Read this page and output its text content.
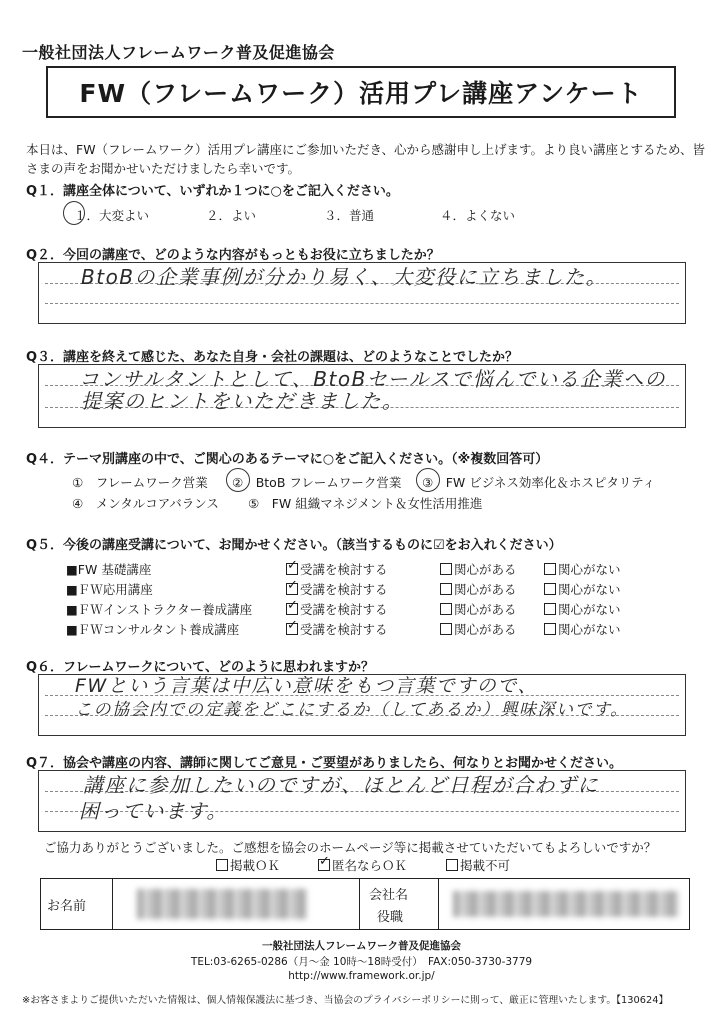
一般社団法人フレームワーク普及促進協会
FW（フレームワーク）活用プレ講座アンケート
本日は、FW（フレームワーク）活用プレ講座にご参加いただき、心から感謝申し上げます。より良い講座とするため、皆さまの声をお聞かせいただけましたら幸いです。
Q１．講座全体について、いずれか１つに○をご記入ください。
１．大変よい	２．よい	３．普通	４．よくない
Q２．今回の講座で、どのような内容がもっともお役に立ちましたか？
BtoBの企業事例が分かり易く、大変役に立ちました。
Q３．講座を終えて感じた、あなた自身・会社の課題は、どのようなことでしたか？
コンサルタントとして、BtoBセールスで悩んでいる企業への
提案のヒントをいただきました。
Q４．テーマ別講座の中で、ご関心のあるテーマに○をご記入ください。（※複数回答可）
①　フレームワーク営業 ②　BtoB フレームワーク営業 ③　FW ビジネス効率化＆ホスピタリティ
④　メンタルコアバランス ⑤　FW 組織マネジメント＆女性活用推進
Q５．今後の講座受講について、お聞かせください。（該当するものに☑をお入れください）
■FW 基礎講座 ✓	受講を検討する	関心がある	関心がない
■ＦＷ応用講座 ✓	受講を検討する	関心がある	関心がない
■ＦＷインストラクター養成講座 ✓	受講を検討する	関心がある	関心がない
■ＦＷコンサルタント養成講座 ✓	受講を検討する	関心がある	関心がない
Q６．フレームワークについて、どのように思われますか？
FWという言葉は中広い意味をもつ言葉ですので、
この協会内での定義をどこにするか（してあるか）興味深いです。
Q７．協会や講座の内容、講師に関してご意見・ご要望がありましたら、何なりとお聞かせください。
講座に参加したいのですが、ほとんど日程が合わずに
困っています。
ご協力ありがとうございました。ご感想を協会のホームページ等に掲載させていただいてもよろしいですか？
掲載ＯＫ ✓	匿名ならＯＫ	掲載不可
お名前
会社名
役職
一般社団法人フレームワーク普及促進協会
TEL:03-6265-0286（月〜金 10時〜18時受付）　FAX:050-3730-3779
http://www.framework.or.jp/
※お客さまよりご提供いただいた情報は、個人情報保護法に基づき、当協会のプライバシーポリシーに則って、厳正に管理いたします。【130624】
